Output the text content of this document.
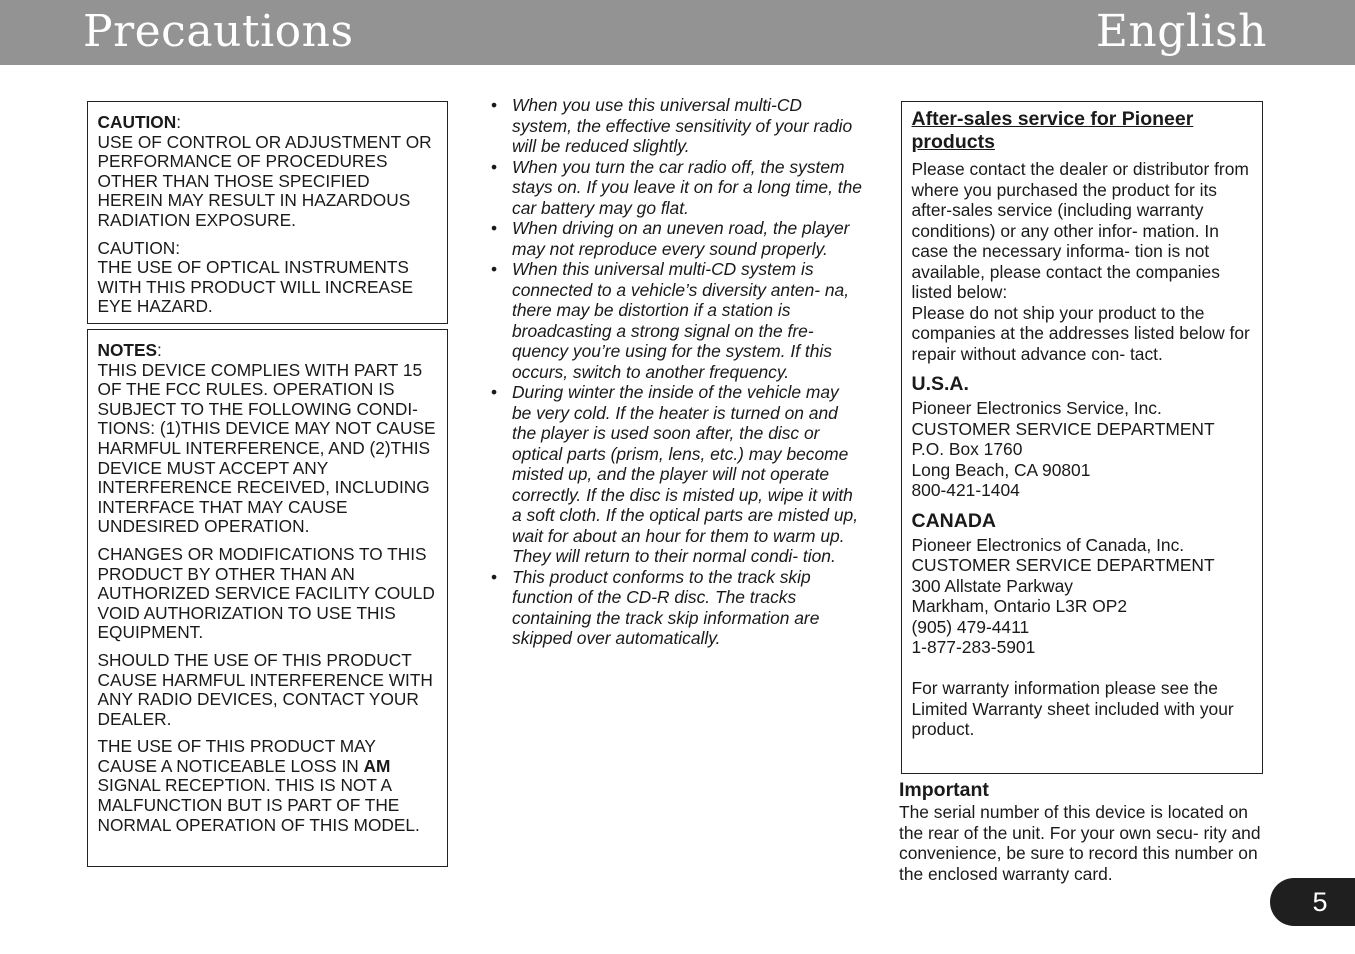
Precautions	English

CAUTION:
USE OF CONTROL OR ADJUSTMENT OR PERFORMANCE OF PROCEDURES OTHER THAN THOSE SPECIFIED HEREIN MAY RESULT IN HAZARDOUS RADIATION EXPOSURE.

CAUTION:
THE USE OF OPTICAL INSTRUMENTS WITH THIS PRODUCT WILL INCREASE EYE HAZARD.

NOTES:
THIS DEVICE COMPLIES WITH PART 15 OF THE FCC RULES. OPERATION IS SUBJECT TO THE FOLLOWING CONDI- TIONS: (1)THIS DEVICE MAY NOT CAUSE HARMFUL INTERFERENCE, AND (2)THIS DEVICE MUST ACCEPT ANY INTERFERENCE RECEIVED, INCLUDING INTERFACE THAT MAY CAUSE UNDESIRED OPERATION.

CHANGES OR MODIFICATIONS TO THIS PRODUCT BY OTHER THAN AN AUTHORIZED SERVICE FACILITY COULD VOID AUTHORIZATION TO USE THIS EQUIPMENT.

SHOULD THE USE OF THIS PRODUCT CAUSE HARMFUL INTERFERENCE WITH ANY RADIO DEVICES, CONTACT YOUR DEALER.

THE USE OF THIS PRODUCT MAY CAUSE A NOTICEABLE LOSS IN AM SIGNAL RECEPTION. THIS IS NOT A MALFUNCTION BUT IS PART OF THE NORMAL OPERATION OF THIS MODEL.

• When you use this universal multi-CD system, the effective sensitivity of your radio will be reduced slightly.
• When you turn the car radio off, the system stays on. If you leave it on for a long time, the car battery may go flat.
• When driving on an uneven road, the player may not reproduce every sound properly.
• When this universal multi-CD system is connected to a vehicle’s diversity anten- na, there may be distortion if a station is broadcasting a strong signal on the fre- quency you’re using for the system. If this occurs, switch to another frequency.
• During winter the inside of the vehicle may be very cold. If the heater is turned on and the player is used soon after, the disc or optical parts (prism, lens, etc.) may become misted up, and the player will not operate correctly. If the disc is misted up, wipe it with a soft cloth. If the optical parts are misted up, wait for about an hour for them to warm up. They will return to their normal condi- tion.
• This product conforms to the track skip function of the CD-R disc. The tracks containing the track skip information are skipped over automatically.
After-sales service for Pioneer products
Please contact the dealer or distributor from where you purchased the product for its after-sales service (including warranty conditions) or any other infor- mation. In case the necessary informa- tion is not available, please contact the companies listed below:
Please do not ship your product to the companies at the addresses listed below for repair without advance con- tact.
U.S.A.
Pioneer Electronics Service, Inc.
CUSTOMER SERVICE DEPARTMENT
P.O. Box 1760
Long Beach, CA 90801
800-421-1404
CANADA
Pioneer Electronics of Canada, Inc.
CUSTOMER SERVICE DEPARTMENT
300 Allstate Parkway
Markham, Ontario L3R OP2
(905) 479-4411
1-877-283-5901
For warranty information please see the Limited Warranty sheet included with your product.
Important
The serial number of this device is located on the rear of the unit. For your own secu- rity and convenience, be sure to record this number on the enclosed warranty card.
5
